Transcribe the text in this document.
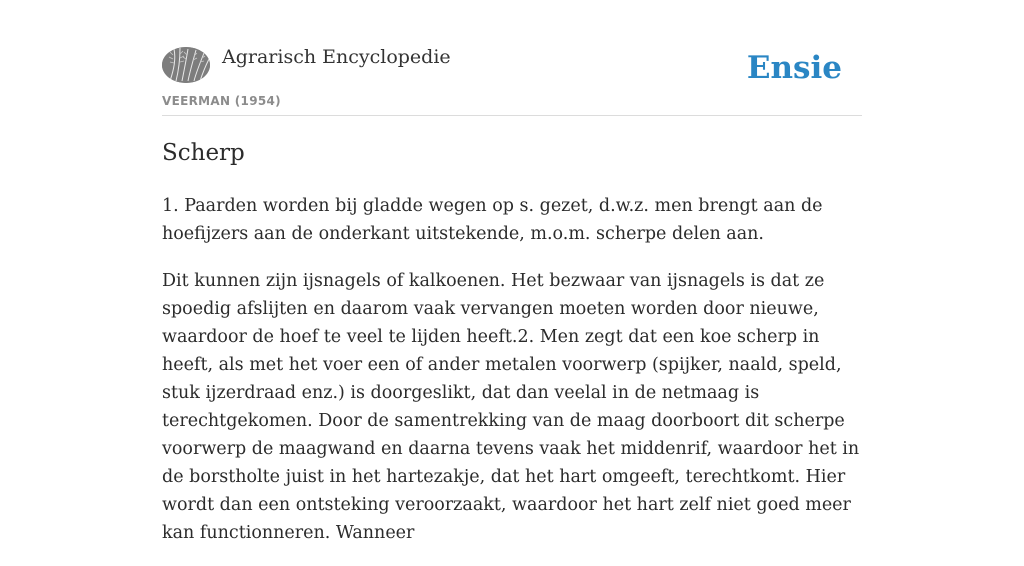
Agrarisch Encyclopedie
VEERMAN (1954)
Ensie
Scherp

1. Paarden worden bij gladde wegen op s. gezet, d.w.z. men brengt aan de hoefijzers aan de onderkant uitstekende, m.o.m. scherpe delen aan.

Dit kunnen zijn ijsnagels of kalkoenen. Het bezwaar van ijsnagels is dat ze spoedig afslijten en daarom vaak vervangen moeten worden door nieuwe, waardoor de hoef te veel te lijden heeft.2. Men zegt dat een koe scherp in heeft, als met het voer een of ander metalen voorwerp (spijker, naald, speld, stuk ijzerdraad enz.) is doorgeslikt, dat dan veelal in de netmaag is terechtgekomen. Door de samentrekking van de maag doorboort dit scherpe voorwerp de maagwand en daarna tevens vaak het middenrif, waardoor het in de borstholte juist in het hartezakje, dat het hart omgeeft, terechtkomt. Hier wordt dan een ontsteking veroorzaakt, waardoor het hart zelf niet goed meer kan functionneren. Wanneer
